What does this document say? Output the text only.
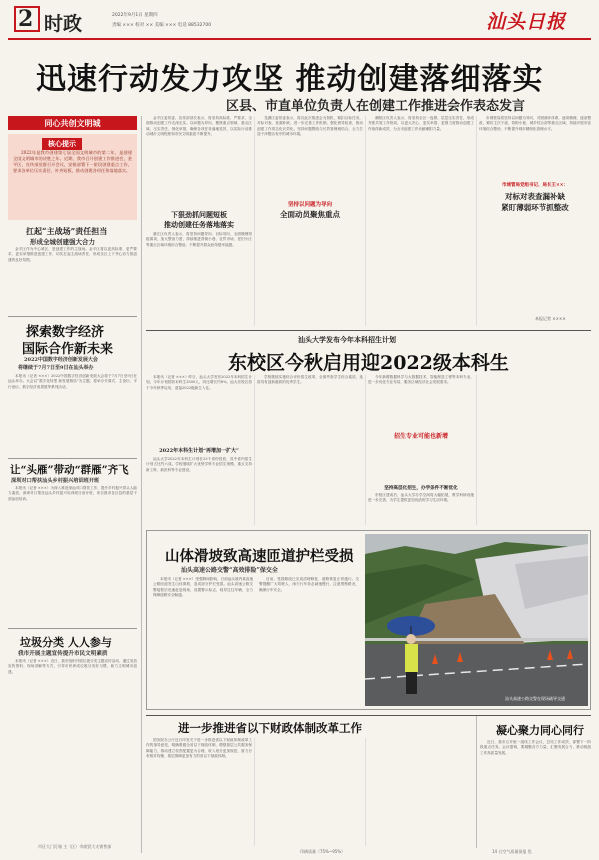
2 时政	2022年9月1日 星期四
责编 ××× 校对 ×× 美编 ××× 电话 88532700	汕头日报
迅速行动发力攻坚 推动创建落细落实
区县、市直单位负责人在创建工作推进会作表态发言
同心共创文明城
核心提示
2022年是我市创建第七届全国文明城市的第二年，是创建全国文明城市的决胜之年。近期，我市召开创建工作推进会，金平区、宣传部党群召开会议，安排部署下一阶段创建重点工作，要求各单位压实责任、补齐短板，推动创建各项任务落地落实。
扛起“主战场”责任担当
形成全城创建强大合力
金平区作为中心城区，是创建工作的主战场。金平区将以更高标准、更严要求、更实举措推进创建工作，切实扛起主战场责任，形成全区上下齐心协力抓创建的良好氛围。
探索数字经济
国际合作新未来
2022中国数字经济创新发展大会
将继续于7月7日至9日在汕头举办
本报讯（记者 ×××）2022中国数字经济创新发展大会将于7月7日至9日在汕头举办。大会以“数字化转型 新发展格局”为主题，将举办开幕式、主论坛、平行论坛、数字经济成果展等系列活动。
让“头雁”带动“群雁”齐飞
深圳对口帮扶汕头乡村振兴培训班开班
本报讯（记者 ×××）为深入推进深汕对口帮扶工作，提升乡村振兴带头人能力素质，深圳对口帮扶汕头乡村振兴培训班日前开班，来自我市各区县的基层干部参加培训。
垃圾分类 人人参与
我市开展主题宣传提升市民文明素质
本报讯（记者 ×××）近日，我市组织开展垃圾分类主题宣传活动，通过发放宣传资料、现场讲解等方式，引导市民养成垃圾分类好习惯，助力文明城市创建。
市区大门灯箱 主（区）市商贸大夫销售部
金平区委常委、宣传部部长表示，将坚持高标准、严要求，全面推动创建工作走深走实。以问题为导向，聚焦重点领域、重点区域，压实责任，细化举措，确保各项任务落地见效，以实际行动推动城市文明程度和市民文明素质不断提升。
龙湖区委常委表示，将以此次推进会为契机，紧扣目标任务，对标对表、查漏补缺，进一步完善工作机制，强化督导检查，推动创建工作常态化长效化。坚持问题整改与长效管理相结合，全力打造干净整洁有序的城市环境。
坚持以问题为导向
全面动员聚焦重点
下狠劲抓问题短板
推动创建任务落地落实
濠江区负责人表示，将坚持问题导向、目标导向，全面梳理短板弱项，加大整治力度，持续推进背街小巷、农贸市场、老旧小区等重点区域环境综合整治，不断提升群众获得感幸福感。
潮阳区负责人表示，将坚持全区一盘棋，层层压实责任，形成齐抓共管工作格局，以更大决心、更实举措、更强力度推动创建工作取得新成效，为全市创建工作贡献潮阳力量。
市城管局将坚持以问题为导向，对照测评体系，逐项梳理，逐条整改，紧盯主次干道、背街小巷、城乡结合部等重点区域，持续开展市容环境综合整治，不断提升城市精细化管理水平。
市城管局党组书记、局长王××：
对标对表查漏补缺
紧盯薄弱环节抓整改
本报记者 ××××
汕头大学发布今年本科招生计划
东校区今秋启用迎2022级本科生
本报讯（记者 ×××）昨日，汕头大学发布2022年本科招生计划，今年计划招收本科生3500人，同比增长约8%。汕大东校区将于今年秋季启用，迎接2022级新生入住。
2022年本科生计划“再增加一扩大”
汕头大学2022年本科生计划在23个省份投放，其中省内招生计划占比约六成。学校继续扩大优势学科专业招生规模，重点支持新工科、新医科等专业建设。
学校继续实施综合评价招生改革，全面考查学生综合素质，选拔具有创新潜质的优秀学生。
今年新增数据科学与大数据技术、智能制造工程等本科专业，进一步优化专业布局，服务区域经济社会发展需求。
招生专业可能也新增
坚持高层化招生，办学条件不断优化
东校区建成后，汕头大学办学空间将大幅拓展，教学科研设施进一步完善，为学生提供更加优质的学习生活环境。
山体滑坡致高速匝道护栏受损
汕头高速公路交警“高效排险”保交全
本报讯（记者 ×××）受强降雨影响，日前汕头境内某高速公路匝道发生山体滑坡，造成部分护栏受损。汕头高速公路交警接报后迅速赶赴现场，设置警示标志，疏导过往车辆，全力保障道路安全畅通。
目前，受损路段已完成清理修复，道路恢复正常通行。交警提醒广大驾驶人，雨天行车务必减速慢行，注意观察路况，确保行车安全。
汕头高速公路交警在现场疏导交通
进一步推进省以下财政体制改革工作
国务院办公厅近日印发关于进一步推进省以下财政体制改革工作的指导意见，明确要健全省以下财政体制，增强基层公共服务保障能力，推动建立权责配置更为合理、收入划分更加规范、财力分布相对均衡、基层保障更加有力的省以下财政体制。
凝心聚力同心同行
近日，我市召开统一战线工作会议，总结工作成效，部署下一阶段重点任务。会议强调，要凝聚各方力量，汇聚发展合力，推动统战工作高质量发展。
印刷质量（75%~95%）	14 日空气质量预报 优
